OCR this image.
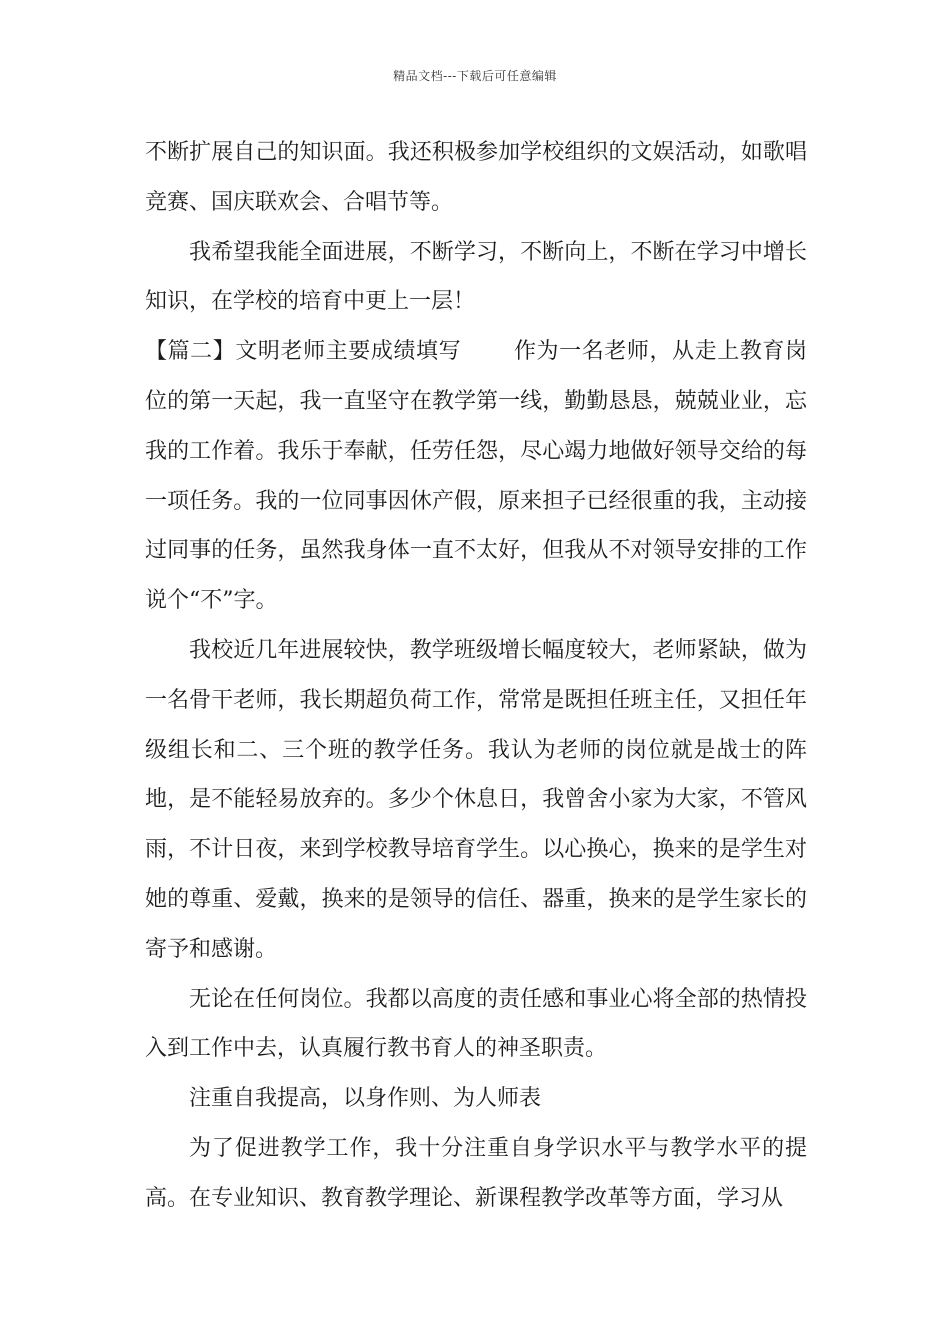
精品文档---下载后可任意编辑

不断扩展自己的知识面。我还积极参加学校组织的文娱活动，如歌唱竞赛、国庆联欢会、合唱节等。

我希望我能全面进展，不断学习，不断向上，不断在学习中增长知识，在学校的培育中更上一层！

【篇二】文明老师主要成绩填写　　 作为一名老师，从走上教育岗位的第一天起，我一直坚守在教学第一线，勤勤恳恳，兢兢业业，忘我的工作着。我乐于奉献，任劳任怨，尽心竭力地做好领导交给的每一项任务。我的一位同事因休产假，原来担子已经很重的我，主动接过同事的任务，虽然我身体一直不太好，但我从不对领导安排的工作说个“不”字。

我校近几年进展较快，教学班级增长幅度较大，老师紧缺，做为一名骨干老师，我长期超负荷工作，常常是既担任班主任，又担任年级组长和二、三个班的教学任务。我认为老师的岗位就是战士的阵地，是不能轻易放弃的。多少个休息日，我曾舍小家为大家，不管风雨，不计日夜，来到学校教导培育学生。以心换心，换来的是学生对她的尊重、爱戴，换来的是领导的信任、器重，换来的是学生家长的寄予和感谢。

无论在任何岗位。我都以高度的责任感和事业心将全部的热情投入到工作中去，认真履行教书育人的神圣职责。

注重自我提高，以身作则、为人师表

为了促进教学工作，我十分注重自身学识水平与教学水平的提高。在专业知识、教育教学理论、新课程教学改革等方面，学习从
